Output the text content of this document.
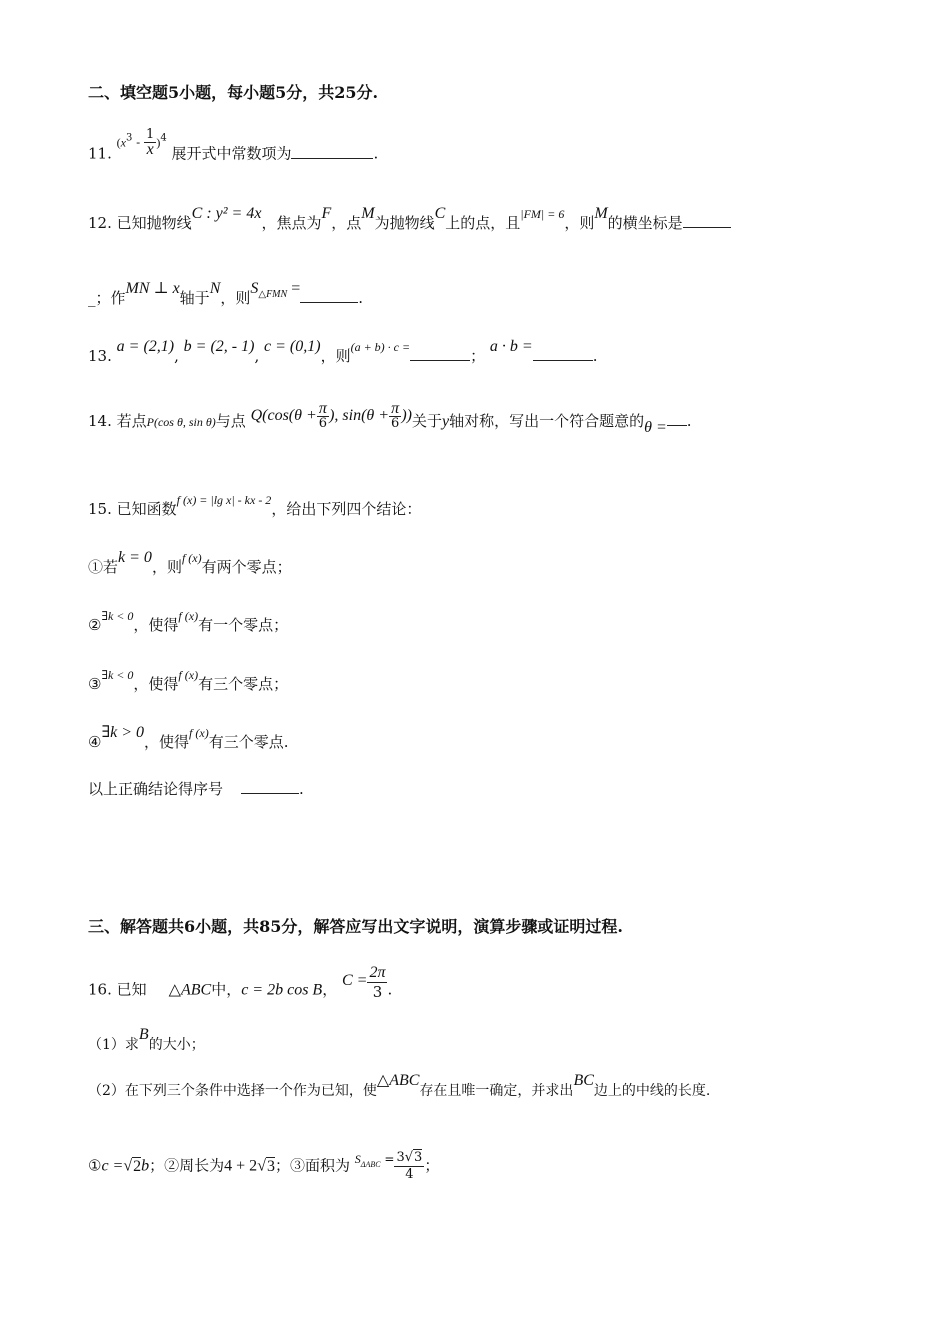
二、填空题5小题，每小题5分，共25分.
11. $(x^3 - \frac{1}{x} )^4$ 展开式中常数项为	.
12. 已知抛物线C : y² = 4x，焦点为F，点M为抛物线C上的点，且$^{|FM| = 6}$，则M的横坐标是
_；作MN ⊥ x轴于N，则$S_{\triangle FMN}$ =.
13. a = (2,1), b = (2, - 1), c = (0,1)，则$^{(a + b) \cdot c =}$	； a · b =.
14. 若点P(cos θ, sin θ)与点 $Q(\cos(\theta + \frac{\pi}{6}$ ), $\sin(\theta + \frac{\pi}{6}$ ))关于y轴对称，写出一个符合题意的θ = .
15. 已知函数$^{f (x) = |lg x| - kx - 2}$，给出下列四个结论：
①若k = 0，则$^{f (x)}$有两个零点；
②$^{\exists k < 0}$，使得$^{f (x)}$有一个零点；
③$^{\exists k < 0}$，使得$^{f (x)}$有三个零点；
④∃k > 0，使得$^{f (x)}$有三个零点.
以上正确结论得序号	.
三、解答题共6小题，共85分，解答应写出文字说明，演算步骤或证明过程.
16. 已知 △ABC中，c = 2b cos B， $C = \frac{2\pi}{3}$ .
（1）求B的大小；
（2）在下列三个条件中选择一个作为已知，使△ABC存在且唯一确定，并求出BC边上的中线的长度.
①c =√2b；②周长为4 + 2√3；③面积为 $S_{\Delta ABC} = \frac{3√3}{4}$ ；
